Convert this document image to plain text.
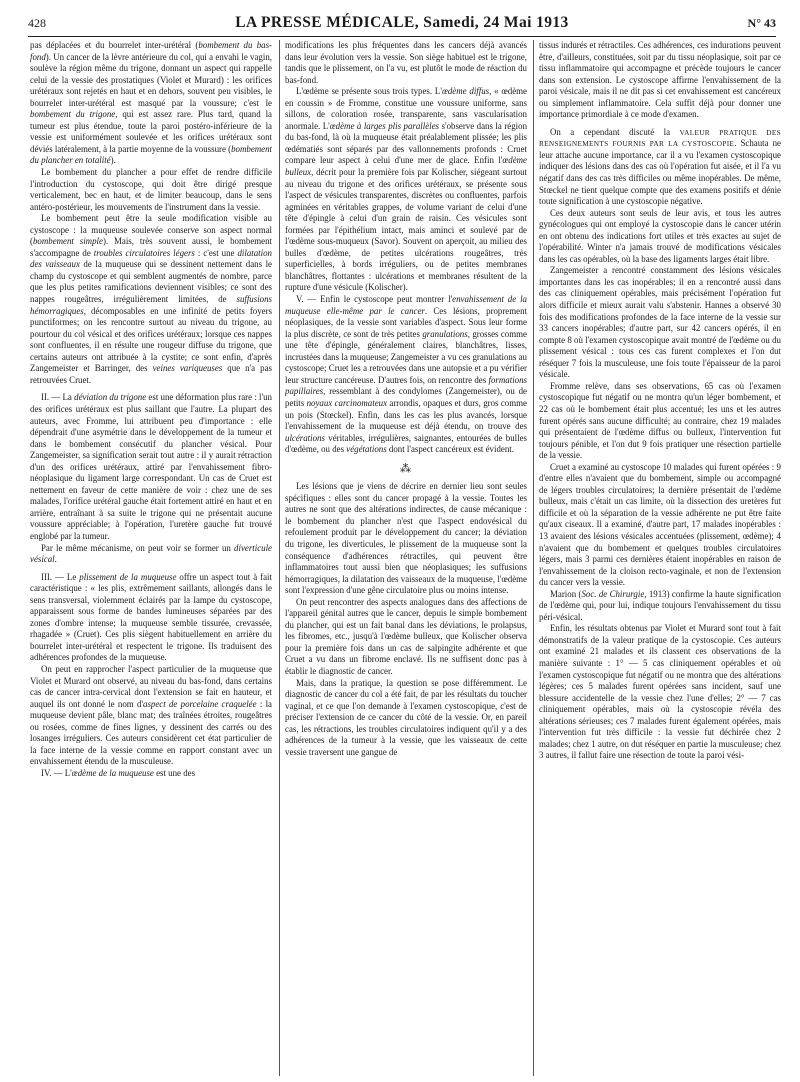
428	LA PRESSE MÉDICALE, Samedi, 24 Mai 1913	N° 43

pas déplacées et du bourrelet inter-urétéral (bombement du bas-fond). Un cancer de la lèvre antérieure du col, qui a envahi le vagin, soulève la région même du trigone, donnant un aspect qui rappelle celui de la vessie des prostatiques (Violet et Murard) : les orifices urétéraux sont rejetés en haut et en dehors, souvent peu visibles, le bourrelet inter-urétéral est masqué par la voussure; c'est le bombement du trigone, qui est assez rare. Plus tard, quand la tumeur est plus étendue, toute la paroi postéro-inférieure de la vessie est uniformément soulevée et les orifices urétéraux sont déviés latéralement, à la partie moyenne de la voussure (bombement du plancher en totalité).

Le bombement du plancher a pour effet de rendre difficile l'introduction du cystoscope, qui doit être dirigé presque verticalement, bec en haut, et de limiter beaucoup, dans le sens antéro-postérieur, les mouvements de l'instrument dans la vessie.

Le bombement peut être la seule modification visible au cystoscope : la muqueuse soulevée conserve son aspect normal (bombement simple). Mais, très souvent aussi, le bombement s'accompagne de troubles circulatoires légers : c'est une dilatation des vaisseaux de la muqueuse qui se dessinent nettement dans le champ du cystoscope et qui semblent augmentés de nombre, parce que les plus petites ramifications deviennent visibles; ce sont des nappes rougeâtres, irrégulièrement limitées, de suffusions hémorragiques, décomposables en une infinité de petits foyers punctiformes; on les rencontre surtout au niveau du trigone, au pourtour du col vésical et des orifices urétéraux; lorsque ces nappes sont confluentes, il en résulte une rougeur diffuse du trigone, que certains auteurs ont attribuée à la cystite; ce sont enfin, d'après Zangemeister et Barringer, des veines variqueuses que n'a pas retrouvées Cruet.

II. — La déviation du trigone est une déformation plus rare : l'un des orifices urétéraux est plus saillant que l'autre. La plupart des auteurs, avec Fromme, lui attribuent peu d'importance : elle dépendrait d'une asymétrie dans le développement de la tumeur et dans le bombement consécutif du plancher vésical. Pour Zangemeister, sa signification serait tout autre : il y aurait rétraction d'un des orifices urétéraux, attiré par l'envahissement fibro-néoplasique du ligament large correspondant. Un cas de Cruet est nettement en faveur de cette manière de voir : chez une de ses malades, l'orifice urétéral gauche était fortement attiré en haut et en arrière, entraînant à sa suite le trigone qui ne présentait aucune voussure appréciable; à l'opération, l'uretère gauche fut trouvé englobé par la tumeur.

Par le même mécanisme, on peut voir se former un diverticule vésical.

III. — Le plissement de la muqueuse offre un aspect tout à fait caractéristique : « les plis, extrêmement saillants, allongés dans le sens transversal, violemment éclairés par la lampe du cystoscope, apparaissent sous forme de bandes lumineuses séparées par des zones d'ombre intense; la muqueuse semble tissurée, crevassée, rhagadée » (Cruet). Ces plis siègent habituellement en arrière du bourrelet inter-urétéral et respectent le trigone. Ils traduisent des adhérences profondes de la muqueuse.

On peut en rapprocher l'aspect particulier de la muqueuse que Violet et Murard ont observé, au niveau du bas-fond, dans certains cas de cancer intra-cervical dont l'extension se fait en hauteur, et auquel ils ont donné le nom d'aspect de porcelaine craquelée : la muqueuse devient pâle, blanc mat; des traînées étroites, rougeâtres ou rosées, comme de fines lignes, y dessinent des carrés ou des losanges irréguliers. Ces auteurs considèrent cet état particulier de la face interne de la vessie comme en rapport constant avec un envahissement étendu de la musculeuse.

IV. — L'œdème de la muqueuse est une des

modifications les plus fréquentes dans les cancers déjà avancés dans leur évolution vers la vessie. Son siège habituel est le trigone, tandis que le plissement, on l'a vu, est plutôt le mode de réaction du bas-fond.

L'œdème se présente sous trois types. L'œdème diffus, « œdème en coussin » de Fromme, constitue une voussure uniforme, sans sillons, de coloration rosée, transparente, sans vascularisation anormale. L'œdème à larges plis parallèles s'observe dans la région du bas-fond, là où la muqueuse était préalablement plissée; les plis œdématiés sont séparés par des vallonnements profonds : Cruet compare leur aspect à celui d'une mer de glace. Enfin l'œdème bulleux, décrit pour la première fois par Kolischer, siégeant surtout au niveau du trigone et des orifices urétéraux, se présente sous l'aspect de vésicules transparentes, discrètes ou confluentes, parfois agminées en véritables grappes, de volume variant de celui d'une tête d'épingle à celui d'un grain de raisin. Ces vésicules sont formées par l'épithélium intact, mais aminci et soulevé par de l'œdème sous-muqueux (Savor). Souvent on aperçoit, au milieu des bulles d'œdème, de petites ulcérations rougeâtres, très superficielles, à bords irréguliers, ou de petites membranes blanchâtres, flottantes : ulcérations et membranes résultent de la rupture d'une vésicule (Kolischer).

V. — Enfin le cystoscope peut montrer l'envahissement de la muqueuse elle-même par le cancer. Ces lésions, proprement néoplasiques, de la vessie sont variables d'aspect. Sous leur forme la plus discrète, ce sont de très petites granulations, grosses comme une tête d'épingle, généralement claires, blanchâtres, lisses, incrustées dans la muqueuse; Zangemeister a vu ces granulations au cystoscope; Cruet les a retrouvées dans une autopsie et a pu vérifier leur structure cancéreuse. D'autres fois, on rencontre des formations papillaires, ressemblant à des condylomes (Zangemeister), ou de petits noyaux carcinomateux arrondis, opaques et durs, gros comme un pois (Stœckel). Enfin, dans les cas les plus avancés, lorsque l'envahissement de la muqueuse est déjà étendu, on trouve des ulcérations véritables, irrégulières, saignantes, entourées de bulles d'œdème, ou des végétations dont l'aspect cancéreux est évident.

⁂

Les lésions que je viens de décrire en dernier lieu sont seules spécifiques : elles sont du cancer propagé à la vessie. Toutes les autres ne sont que des altérations indirectes, de cause mécanique : le bombement du plancher n'est que l'aspect endovésical du refoulement produit par le développement du cancer; la déviation du trigone, les diverticules, le plissement de la muqueuse sont la conséquence d'adhérences rétractiles, qui peuvent être inflammatoires tout aussi bien que néoplasiques; les suffusions hémorragiques, la dilatation des vaisseaux de la muqueuse, l'œdème sont l'expression d'une gêne circulatoire plus ou moins intense.

On peut rencontrer des aspects analogues dans des affections de l'appareil génital autres que le cancer, depuis le simple bombement du plancher, qui est un fait banal dans les déviations, le prolapsus, les fibromes, etc., jusqu'à l'œdème bulleux, que Kolischer observa pour la première fois dans un cas de salpingite adhérente et que Cruet a vu dans un fibrome enclavé. Ils ne suffisent donc pas à établir le diagnostic de cancer.

Mais, dans la pratique, la question se pose différemment. Le diagnostic de cancer du col a été fait, de par les résultats du toucher vaginal, et ce que l'on demande à l'examen cystoscopique, c'est de préciser l'extension de ce cancer du côté de la vessie. Or, en pareil cas, les rétractions, les troubles circulatoires indiquent qu'il y a des adhérences de la tumeur à la vessie, que les vaisseaux de cette vessie traversent une gangue de

tissus indurés et rétractiles. Ces adhérences, ces indurations peuvent être, d'ailleurs, constituées, soit par du tissu néoplasique, soit par ce tissu inflammatoire qui accompagne et précède toujours le cancer dans son extension. Le cystoscope affirme l'envahissement de la paroi vésicale, mais il ne dit pas si cet envahissement est cancéreux ou simplement inflammatoire. Cela suffit déjà pour donner une importance primordiale à ce mode d'examen.

On a cependant discuté la VALEUR PRATIQUE DES RENSEIGNEMENTS FOURNIS PAR LA CYSTOSCOPIE. Schauta ne leur attache aucune importance, car il a vu l'examen cystoscopique indiquer des lésions dans des cas où l'opération fut aisée, et il l'a vu négatif dans des cas très difficiles ou même inopérables. De même, Stœckel ne tient quelque compte que des examens positifs et dénie toute signification à une cystoscopie négative.

Ces deux auteurs sont seuls de leur avis, et tous les autres gynécologues qui ont employé la cystoscopie dans le cancer utérin en ont obtenu des indications fort utiles et très exactes au sujet de l'opérabilité. Winter n'a jamais trouvé de modifications vésicales dans les cas opérables, où la base des ligaments larges était libre.

Zangemeister a rencontré constamment des lésions vésicales importantes dans les cas inopérables; il en a rencontré aussi dans des cas cliniquement opérables, mais précisément l'opération fut alors difficile et mieux aurait valu s'abstenir. Hannes a observé 30 fois des modifications profondes de la face interne de la vessie sur 33 cancers inopérables; d'autre part, sur 42 cancers opérés, il en compte 8 où l'examen cystoscopique avait montré de l'œdème ou du plissement vésical : tous ces cas furent complexes et l'on dut réséquer 7 fois la musculeuse, une fois toute l'épaisseur de la paroi vésicale.

Fromme relève, dans ses observations, 65 cas où l'examen cystoscopique fut négatif ou ne montra qu'un léger bombement, et 22 cas où le bombement était plus accentué; les uns et les autres furent opérés sans aucune difficulté; au contraire, chez 19 malades qui présentaient de l'œdème diffus ou bulleux, l'intervention fut toujours pénible, et l'on dut 9 fois pratiquer une résection partielle de la vessie.

Cruet a examiné au cystoscope 10 malades qui furent opérées : 9 d'entre elles n'avaient que du bombement, simple ou accompagné de légers troubles circulatoires; la dernière présentait de l'œdème bulleux, mais c'était un cas limite, où la dissection des uretères fut difficile et où la séparation de la vessie adhérente ne put être faite qu'aux ciseaux. Il a examiné, d'autre part, 17 malades inopérables : 13 avaient des lésions vésicales accentuées (plissement, œdème); 4 n'avaient que du bombement et quelques troubles circulatoires légers, mais 3 parmi ces dernières étaient inopérables en raison de l'envahissement de la cloison recto-vaginale, et non de l'extension du cancer vers la vessie.

Marion (Soc. de Chirurgie, 1913) confirme la haute signification de l'œdème qui, pour lui, indique toujours l'envahissement du tissu péri-vésical.

Enfin, les résultats obtenus par Violet et Murard sont tout à fait démonstratifs de la valeur pratique de la cystoscopie. Ces auteurs ont examiné 21 malades et ils classent ces observations de la manière suivante : 1° — 5 cas cliniquement opérables et où l'examen cystoscopique fut négatif ou ne montra que des altérations légères; ces 5 malades furent opérées sans incident, sauf une blessure accidentelle de la vessie chez l'une d'elles; 2° — 7 cas cliniquement opérables, mais où la cystoscopie révéla des altérations sérieuses; ces 7 malades furent également opérées, mais l'intervention fut très difficile : la vessie fut déchirée chez 2 malades; chez 1 autre, on dut réséquer en partie la musculeuse; chez 3 autres, il fallut faire une résection de toute la paroi vési-
